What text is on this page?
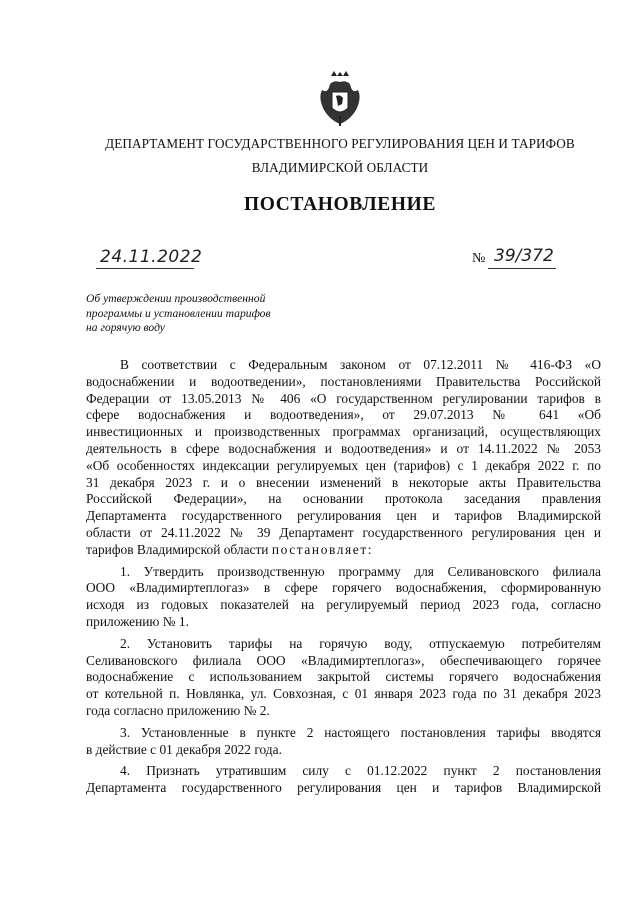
ДЕПАРТАМЕНТ ГОСУДАРСТВЕННОГО РЕГУЛИРОВАНИЯ ЦЕН И ТАРИФОВ
ВЛАДИМИРСКОЙ ОБЛАСТИ
ПОСТАНОВЛЕНИЕ
24.11.2022	№ 39/372
Об утверждении производственной
программы и установлении тарифов
на горячую воду

В соответствии с Федеральным законом от 07.12.2011 № 416-ФЗ «О
водоснабжении и водоотведении», постановлениями Правительства Российской
Федерации от 13.05.2013 № 406 «О государственном регулировании тарифов в
сфере водоснабжения и водоотведения», от 29.07.2013 № 641 «Об
инвестиционных и производственных программах организаций, осуществляющих
деятельность в сфере водоснабжения и водоотведения» и от 14.11.2022 № 2053
«Об особенностях индексации регулируемых цен (тарифов) с 1 декабря 2022 г. по
31 декабря 2023 г. и о внесении изменений в некоторые акты Правительства
Российской Федерации», на основании протокола заседания правления
Департамента государственного регулирования цен и тарифов Владимирской
области от 24.11.2022 № 39 Департамент государственного регулирования цен и
тарифов Владимирской области постановляет:

1. Утвердить производственную программу для Селивановского филиала
ООО «Владимиртеплогаз» в сфере горячего водоснабжения, сформированную
исходя из годовых показателей на регулируемый период 2023 года, согласно
приложению № 1.

2. Установить тарифы на горячую воду, отпускаемую потребителям
Селивановского филиала ООО «Владимиртеплогаз», обеспечивающего горячее
водоснабжение с использованием закрытой системы горячего водоснабжения
от котельной п. Новлянка, ул. Совхозная, с 01 января 2023 года по 31 декабря 2023
года согласно приложению № 2.

3. Установленные в пункте 2 настоящего постановления тарифы вводятся
в действие с 01 декабря 2022 года.

4. Признать утратившим силу с 01.12.2022 пункт 2 постановления
Департамента государственного регулирования цен и тарифов Владимирской
